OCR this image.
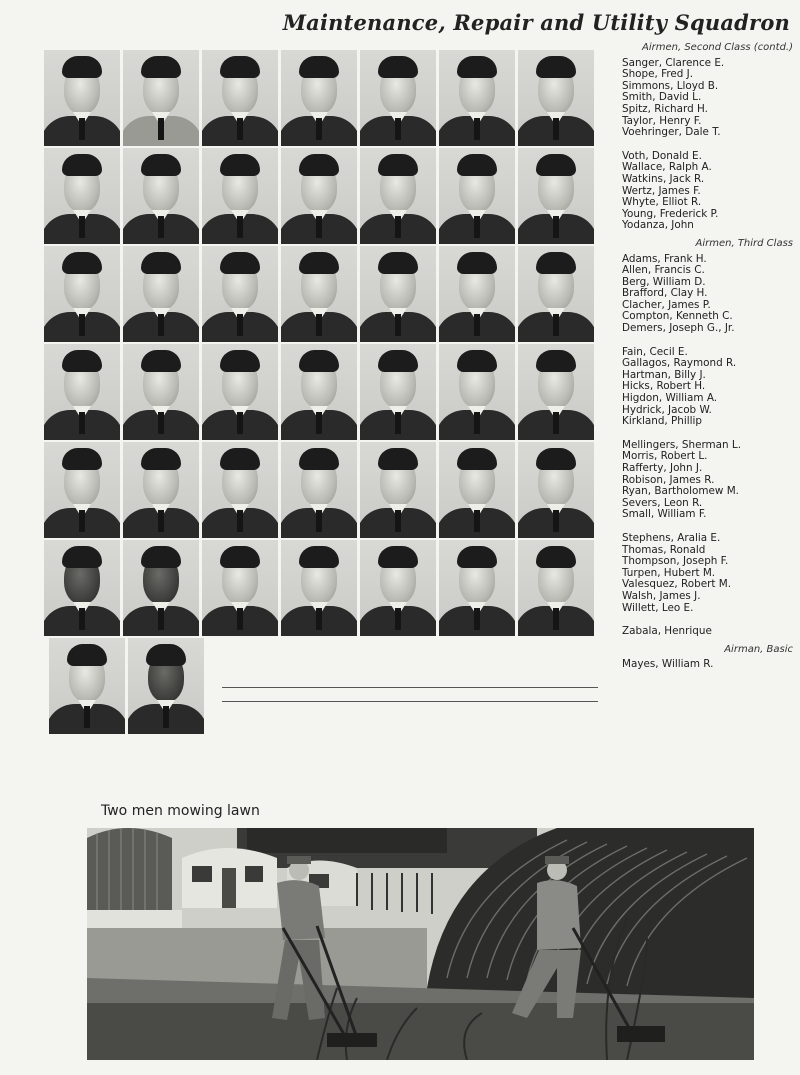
Maintenance, Repair and Utility Squadron
Airmen, Second Class (contd.)
Sanger, Clarence E.
Shope, Fred J.
Simmons, Lloyd B.
Smith, David L.
Spitz, Richard H.
Taylor, Henry F.
Voehringer, Dale T.
Voth, Donald E.
Wallace, Ralph A.
Watkins, Jack R.
Wertz, James F.
Whyte, Elliot R.
Young, Frederick P.
Yodanza, John
Airmen, Third Class
Adams, Frank H.
Allen, Francis C.
Berg, William D.
Brafford, Clay H.
Clacher, James P.
Compton, Kenneth C.
Demers, Joseph G., Jr.
Fain, Cecil E.
Gallagos, Raymond R.
Hartman, Billy J.
Hicks, Robert H.
Higdon, William A.
Hydrick, Jacob W.
Kirkland, Phillip
Mellingers, Sherman L.
Morris, Robert L.
Rafferty, John J.
Robison, James R.
Ryan, Bartholomew M.
Severs, Leon R.
Small, William F.
Stephens, Aralia E.
Thomas, Ronald
Thompson, Joseph F.
Turpen, Hubert M.
Valesquez, Robert M.
Walsh, James J.
Willett, Leo E.
Zabala, Henrique
Airman, Basic
Mayes, William R.
Two men mowing lawn
